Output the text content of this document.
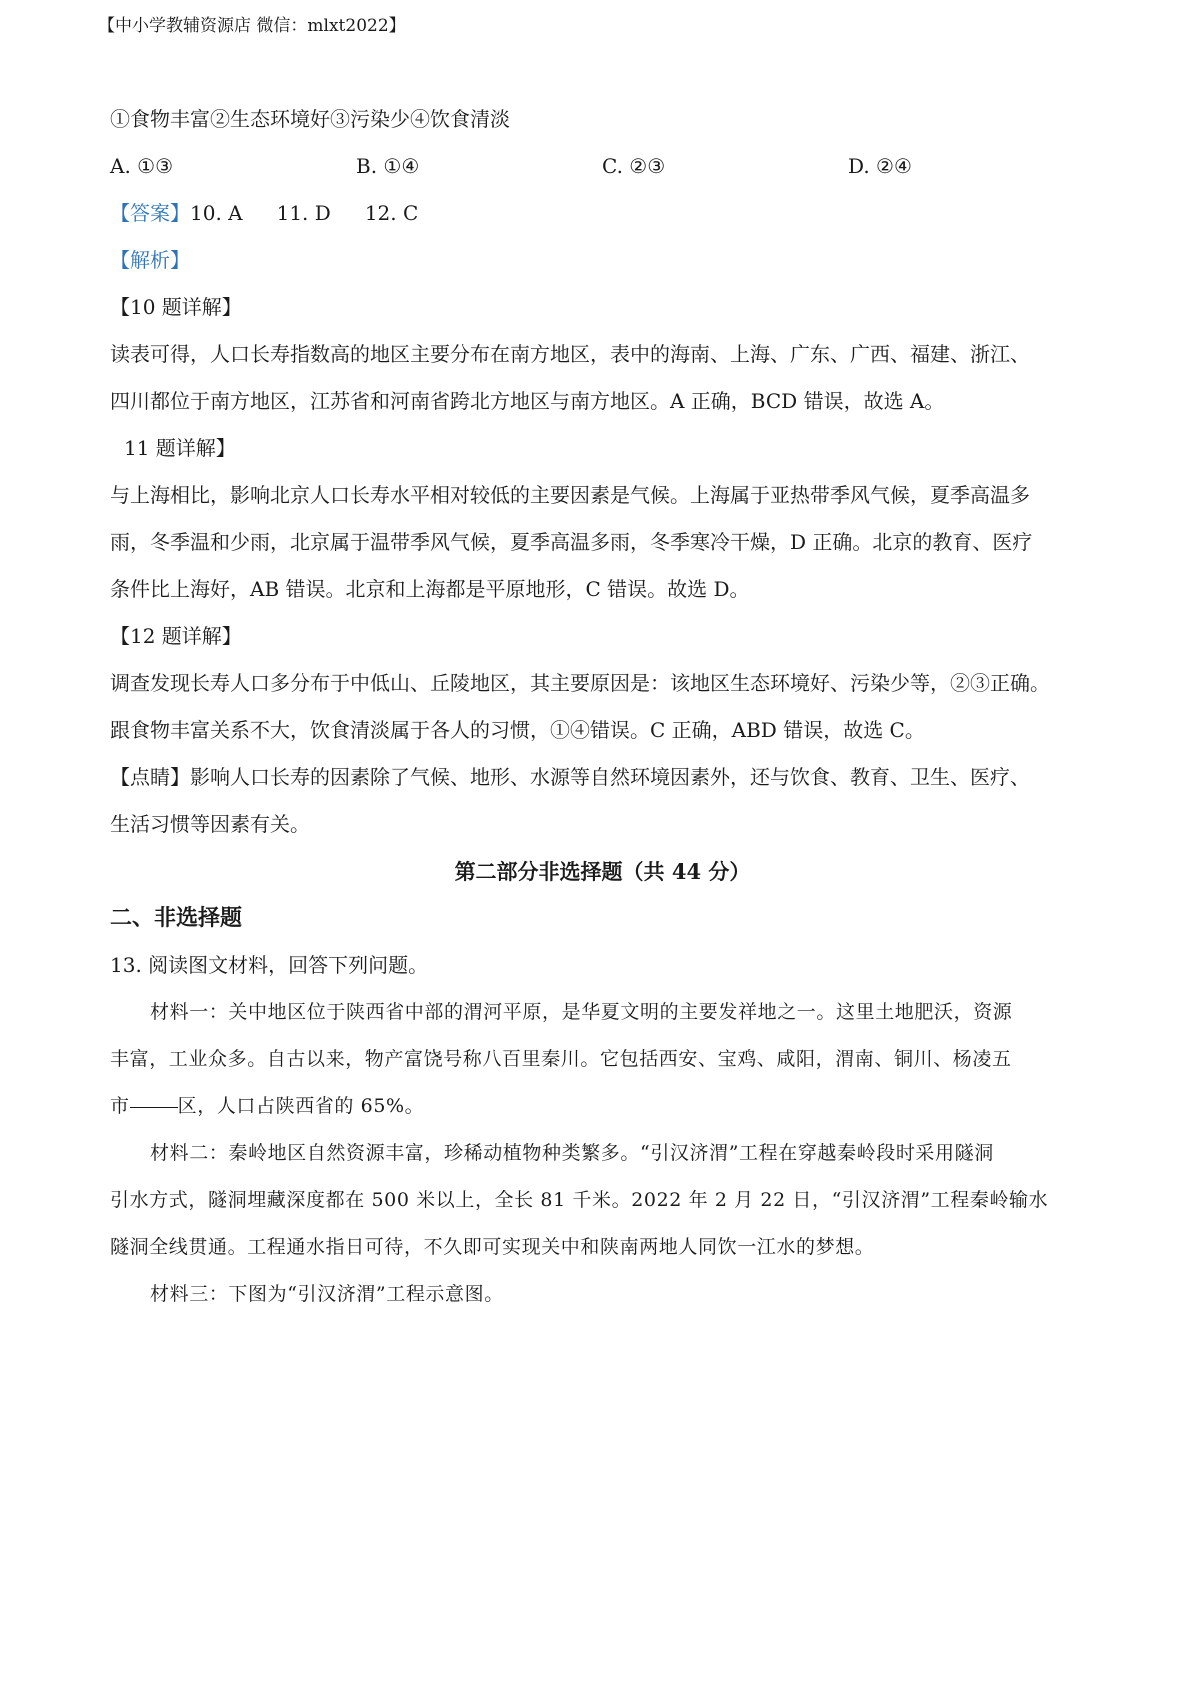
【中小学教辅资源店 微信：mlxt2022】
①食物丰富②生态环境好③污染少④饮食清淡
A. ①③	B. ①④	C. ②③	D. ②④
【答案】10. A 11. D 12. C
【解析】
【10 题详解】
读表可得，人口长寿指数高的地区主要分布在南方地区，表中的海南、上海、广东、广西、福建、浙江、
四川都位于南方地区，江苏省和河南省跨北方地区与南方地区。A 正确，BCD 错误，故选 A。
11 题详解】
与上海相比，影响北京人口长寿水平相对较低的主要因素是气候。上海属于亚热带季风气候，夏季高温多
雨，冬季温和少雨，北京属于温带季风气候，夏季高温多雨，冬季寒冷干燥，D 正确。北京的教育、医疗
条件比上海好，AB 错误。北京和上海都是平原地形，C 错误。故选 D。
【12 题详解】
调查发现长寿人口多分布于中低山、丘陵地区，其主要原因是：该地区生态环境好、污染少等，②③正确。
跟食物丰富关系不大，饮食清淡属于各人的习惯，①④错误。C 正确，ABD 错误，故选 C。
【点睛】影响人口长寿的因素除了气候、地形、水源等自然环境因素外，还与饮食、教育、卫生、医疗、
生活习惯等因素有关。
第二部分非选择题（共 44 分）
二、非选择题
13. 阅读图文材料，回答下列问题。
材料一：关中地区位于陕西省中部的渭河平原，是华夏文明的主要发祥地之一。这里土地肥沃，资源
丰富，工业众多。自古以来，物产富饶号称八百里秦川。它包括西安、宝鸡、咸阳，渭南、铜川、杨凌五
市	区，人口占陕西省的 65%。
材料二：秦岭地区自然资源丰富，珍稀动植物种类繁多。“引汉济渭”工程在穿越秦岭段时采用隧洞
引水方式，隧洞埋藏深度都在 500 米以上，全长 81 千米。2022 年 2 月 22 日，“引汉济渭”工程秦岭输水
隧洞全线贯通。工程通水指日可待，不久即可实现关中和陕南两地人同饮一江水的梦想。
材料三：下图为“引汉济渭”工程示意图。
